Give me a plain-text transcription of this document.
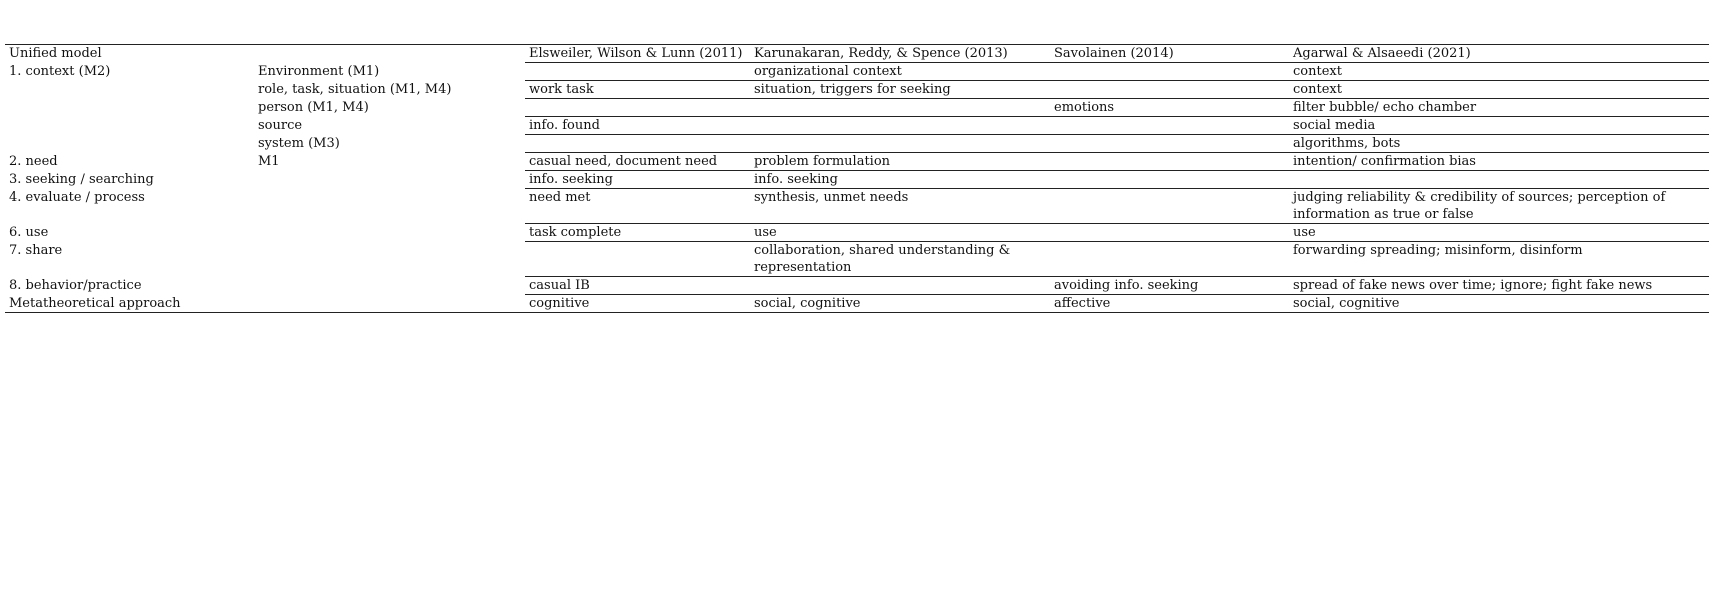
Unified model		Elsweiler, Wilson & Lunn (2011)	Karunakaran, Reddy, & Spence (2013)	Savolainen (2014)	Agarwal & Alsaeedi (2021)
1. context (M2)	Environment (M1)		organizational context		context
	role, task, situation (M1, M4)	work task	situation, triggers for seeking		context
	person (M1, M4)			emotions	filter bubble/ echo chamber
	source	info. found			social media
	system (M3)				algorithms, bots
2. need	M1	casual need, document need	problem formulation		intention/ confirmation bias
3. seeking / searching		info. seeking	info. seeking		
4. evaluate / process		need met	synthesis, unmet needs		judging reliability & credibility of sources; perception of information as true or false
6. use		task complete	use		use
7. share			collaboration, shared understanding & representation		forwarding spreading; misinform, disinform
8. behavior/practice		casual IB		avoiding info. seeking	spread of fake news over time; ignore; fight fake news
Metatheoretical approach		cognitive	social, cognitive	affective	social, cognitive
